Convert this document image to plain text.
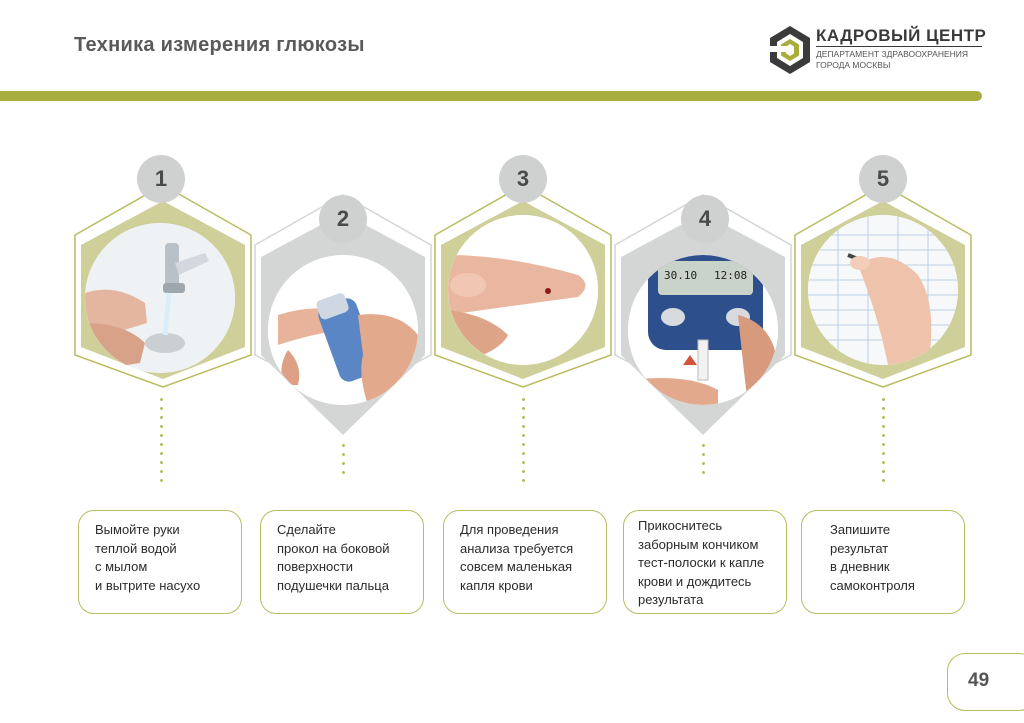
Техника измерения глюкозы	КАДРОВЫЙ ЦЕНТР
ДЕПАРТАМЕНТ ЗДРАВООХРАНЕНИЯ
ГОРОДА МОСКВЫ
1
Вымойте руки
теплой водой
с мылом
и вытрите насухо
2
Сделайте
прокол на боковой
поверхности
подушечки пальца
3
Для проведения
анализа требуется
совсем маленькая
капля крови
4
30.10 12:08
Прикоснитесь
заборным кончиком
тест-полоски к капле
крови и дождитесь
результата
5
Запишите
результат
в дневник
самоконтроля
49
